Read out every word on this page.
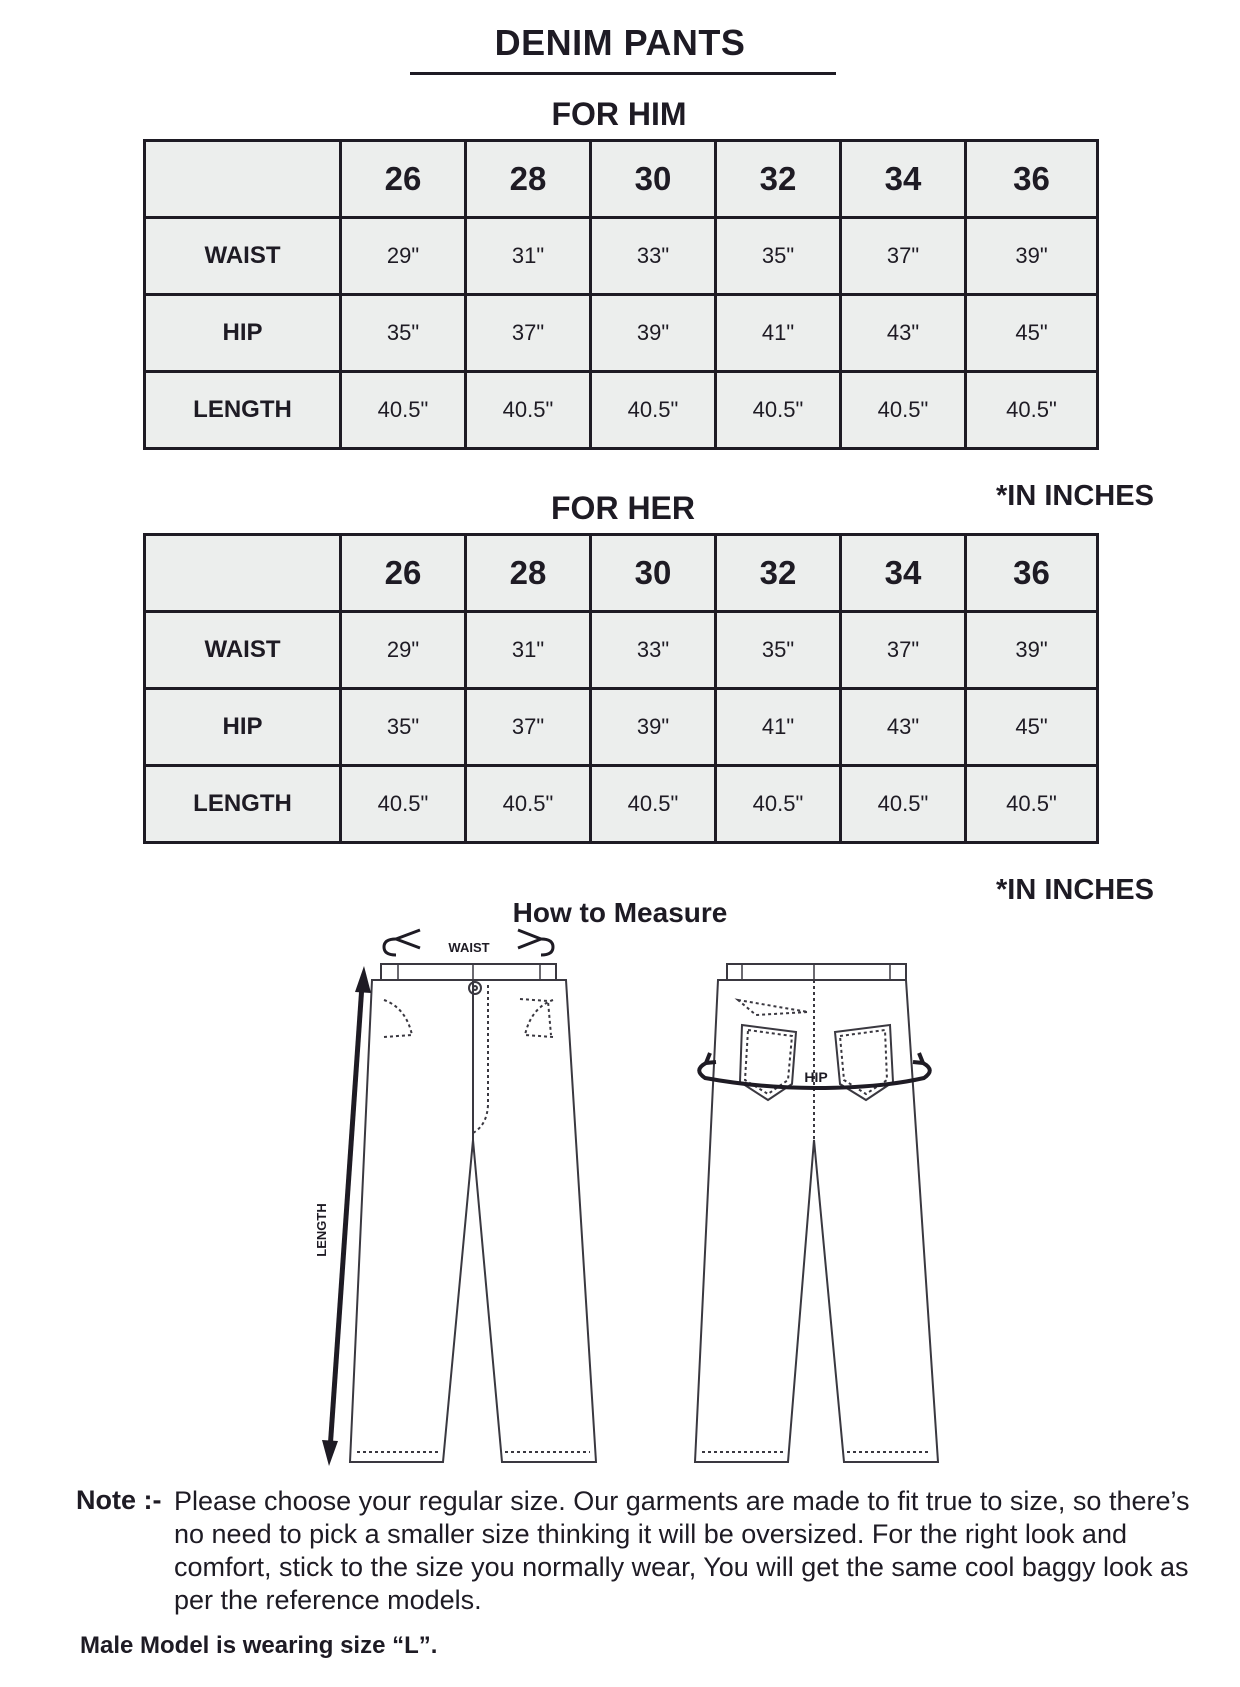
DENIM PANTS
FOR HIM
	26	28	30	32	34	36
WAIST	29"	31"	33"	35"	37"	39"
HIP	35"	37"	39"	41"	43"	45"
LENGTH	40.5"	40.5"	40.5"	40.5"	40.5"	40.5"
*IN INCHES
FOR HER
	26	28	30	32	34	36
WAIST	29"	31"	33"	35"	37"	39"
HIP	35"	37"	39"	41"	43"	45"
LENGTH	40.5"	40.5"	40.5"	40.5"	40.5"	40.5"
*IN INCHES
How to Measure
WAIST
LENGTH
HIP
Note :- Please choose your regular size. Our garments are made to fit true to size, so there’s no need to pick a smaller size thinking it will be oversized. For the right look and comfort, stick to the size you normally wear, You will get the same cool baggy look as per the reference models.
Male Model is wearing size “L”.
